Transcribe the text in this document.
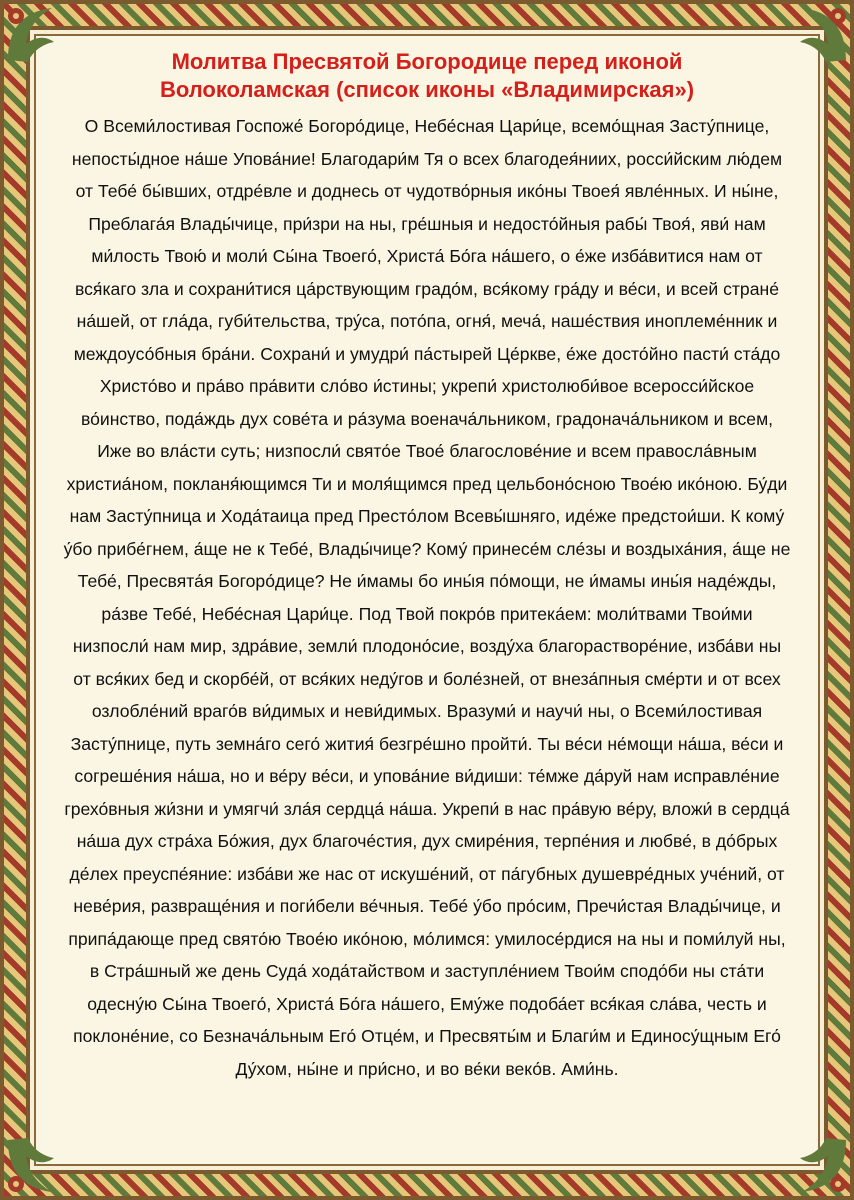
Молитва Пресвятой Богородице перед иконой
Волоколамская (список иконы «Владимирская»)

О Всеми́лостивая Госпоже́ Богоро́дице, Небе́сная Цари́це, всемо́щная Засту́пнице,
непосты́дное на́ше Упова́ние! Благодари́м Тя о всех благодея́ниих, росси́йским лю́дем
от Тебе́ бы́вших, отдре́вле и доднесь от чудотво́рныя ико́ны Твоея́ явле́нных. И ны́не,
Преблага́я Влады́чице, при́зри на ны, гре́шныя и недосто́йныя рабы́ Твоя́, яви́ нам
ми́лость Твою́ и моли́ Сы́на Твоего́, Христа́ Бо́га на́шего, о е́же изба́витися нам от
вся́каго зла и сохрани́тися ца́рствующим градо́м, вся́кому гра́ду и ве́си, и всей стране́
на́шей, от гла́да, губи́тельства, тру́са, пото́па, огня́, меча́, наше́ствия иноплеме́нник и
междоусо́бныя бра́ни. Сохрани́ и умудри́ па́стырей Це́ркве, е́же досто́йно пасти́ ста́до
Христо́во и пра́во пра́вити сло́во и́стины; укрепи́ христолюби́вое всеросси́йское
во́инство, пода́ждь дух сове́та и ра́зума военача́льником, градонача́льником и всем,
Иже во вла́сти суть; низпосли́ свято́е Твое́ благослове́ние и всем правосла́вным
христиа́ном, покланя́ющимся Ти и моля́щимся пред цельбоно́сною Твое́ю ико́ною. Бу́ди
нам Засту́пница и Хода́таица пред Престо́лом Всевы́шняго, иде́же предстои́ши. К кому́
у́бо прибе́гнем, а́ще не к Тебе́, Влады́чице? Кому́ принесе́м сле́зы и воздыха́ния, а́ще не
Тебе́, Пресвята́я Богоро́дице? Не и́мамы бо ины́я по́мощи, не и́мамы ины́я наде́жды,
ра́зве Тебе́, Небе́сная Цари́це. Под Твой покро́в притека́ем: моли́твами Твои́ми
низпосли́ нам мир, здра́вие, земли́ плодоно́сие, возду́ха благорастворе́ние, изба́ви ны
от вся́ких бед и скорбе́й, от вся́ких неду́гов и боле́зней, от внеза́пныя сме́рти и от всех
озлобле́ний враго́в ви́димых и неви́димых. Вразуми́ и научи́ ны, о Всеми́лостивая
Засту́пнице, путь земна́го сего́ жития́ безгре́шно пройти́. Ты ве́си не́мощи на́ша, ве́си и
согреше́ния на́ша, но и ве́ру ве́си, и упова́ние ви́диши: те́мже да́руй нам исправле́ние
грехо́вныя жи́зни и умягчи́ зла́я сердца́ на́ша. Укрепи́ в нас пра́вую ве́ру, вложи́ в сердца́
на́ша дух стра́ха Бо́жия, дух благоче́стия, дух смире́ния, терпе́ния и любве́, в до́брых
де́лех преуспе́яние: изба́ви же нас от искуше́ний, от па́губных душевре́дных уче́ний, от
неве́рия, развраще́ния и поги́бели ве́чныя. Тебе́ у́бо про́сим, Пречи́стая Влады́чице, и
припа́дающе пред свято́ю Твое́ю ико́ною, мо́лимся: умилосе́рдися на ны и поми́луй ны,
в Стра́шный же день Суда́ хода́тайством и заступле́нием Твои́м сподо́би ны ста́ти
одесну́ю Сы́на Твоего́, Христа́ Бо́га на́шего, Ему́же подоба́ет вся́кая сла́ва, честь и
поклоне́ние, со Безнача́льным Его́ Отце́м, и Пресвяты́м и Благи́м и Единосу́щным Его́
Ду́хом, ны́не и при́сно, и во ве́ки веко́в. Ами́нь.
